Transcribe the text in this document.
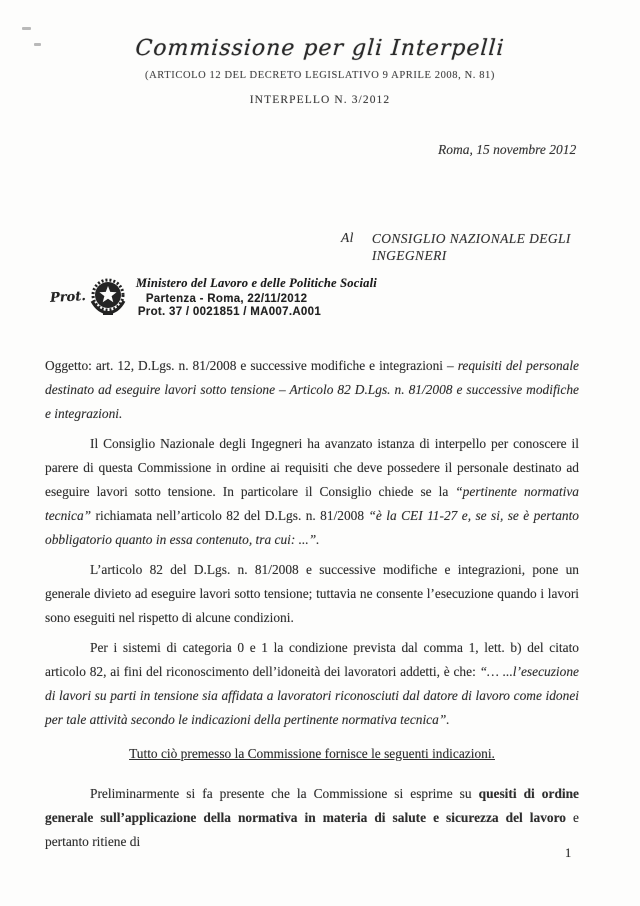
Commissione per gli Interpelli
(ARTICOLO 12 DEL DECRETO LEGISLATIVO 9 APRILE 2008, N. 81)
INTERPELLO N. 3/2012
Roma, 15 novembre 2012
Al CONSIGLIO NAZIONALE DEGLI
INGEGNERI
Prot.
Ministero del Lavoro e delle Politiche Sociali
Partenza - Roma, 22/11/2012
Prot. 37 / 0021851 / MA007.A001

Oggetto: art. 12, D.Lgs. n. 81/2008 e successive modifiche e integrazioni – requisiti del personale destinato ad eseguire lavori sotto tensione – Articolo 82 D.Lgs. n. 81/2008 e successive modifiche e integrazioni.

Il Consiglio Nazionale degli Ingegneri ha avanzato istanza di interpello per conoscere il parere di questa Commissione in ordine ai requisiti che deve possedere il personale destinato ad eseguire lavori sotto tensione. In particolare il Consiglio chiede se la “pertinente normativa tecnica” richiamata nell’articolo 82 del D.Lgs. n. 81/2008 “è la CEI 11-27 e, se si, se è pertanto obbligatorio quanto in essa contenuto, tra cui: ...”.

L’articolo 82 del D.Lgs. n. 81/2008 e successive modifiche e integrazioni, pone un generale divieto ad eseguire lavori sotto tensione; tuttavia ne consente l’esecuzione quando i lavori sono eseguiti nel rispetto di alcune condizioni.

Per i sistemi di categoria 0 e 1 la condizione prevista dal comma 1, lett. b) del citato articolo 82, ai fini del riconoscimento dell’idoneità dei lavoratori addetti, è che: “… ...l’esecuzione di lavori su parti in tensione sia affidata a lavoratori riconosciuti dal datore di lavoro come idonei per tale attività secondo le indicazioni della pertinente normativa tecnica”.

Tutto ciò premesso la Commissione fornisce le seguenti indicazioni.

Preliminarmente si fa presente che la Commissione si esprime su quesiti di ordine generale sull’applicazione della normativa in materia di salute e sicurezza del lavoro e pertanto ritiene di

1
